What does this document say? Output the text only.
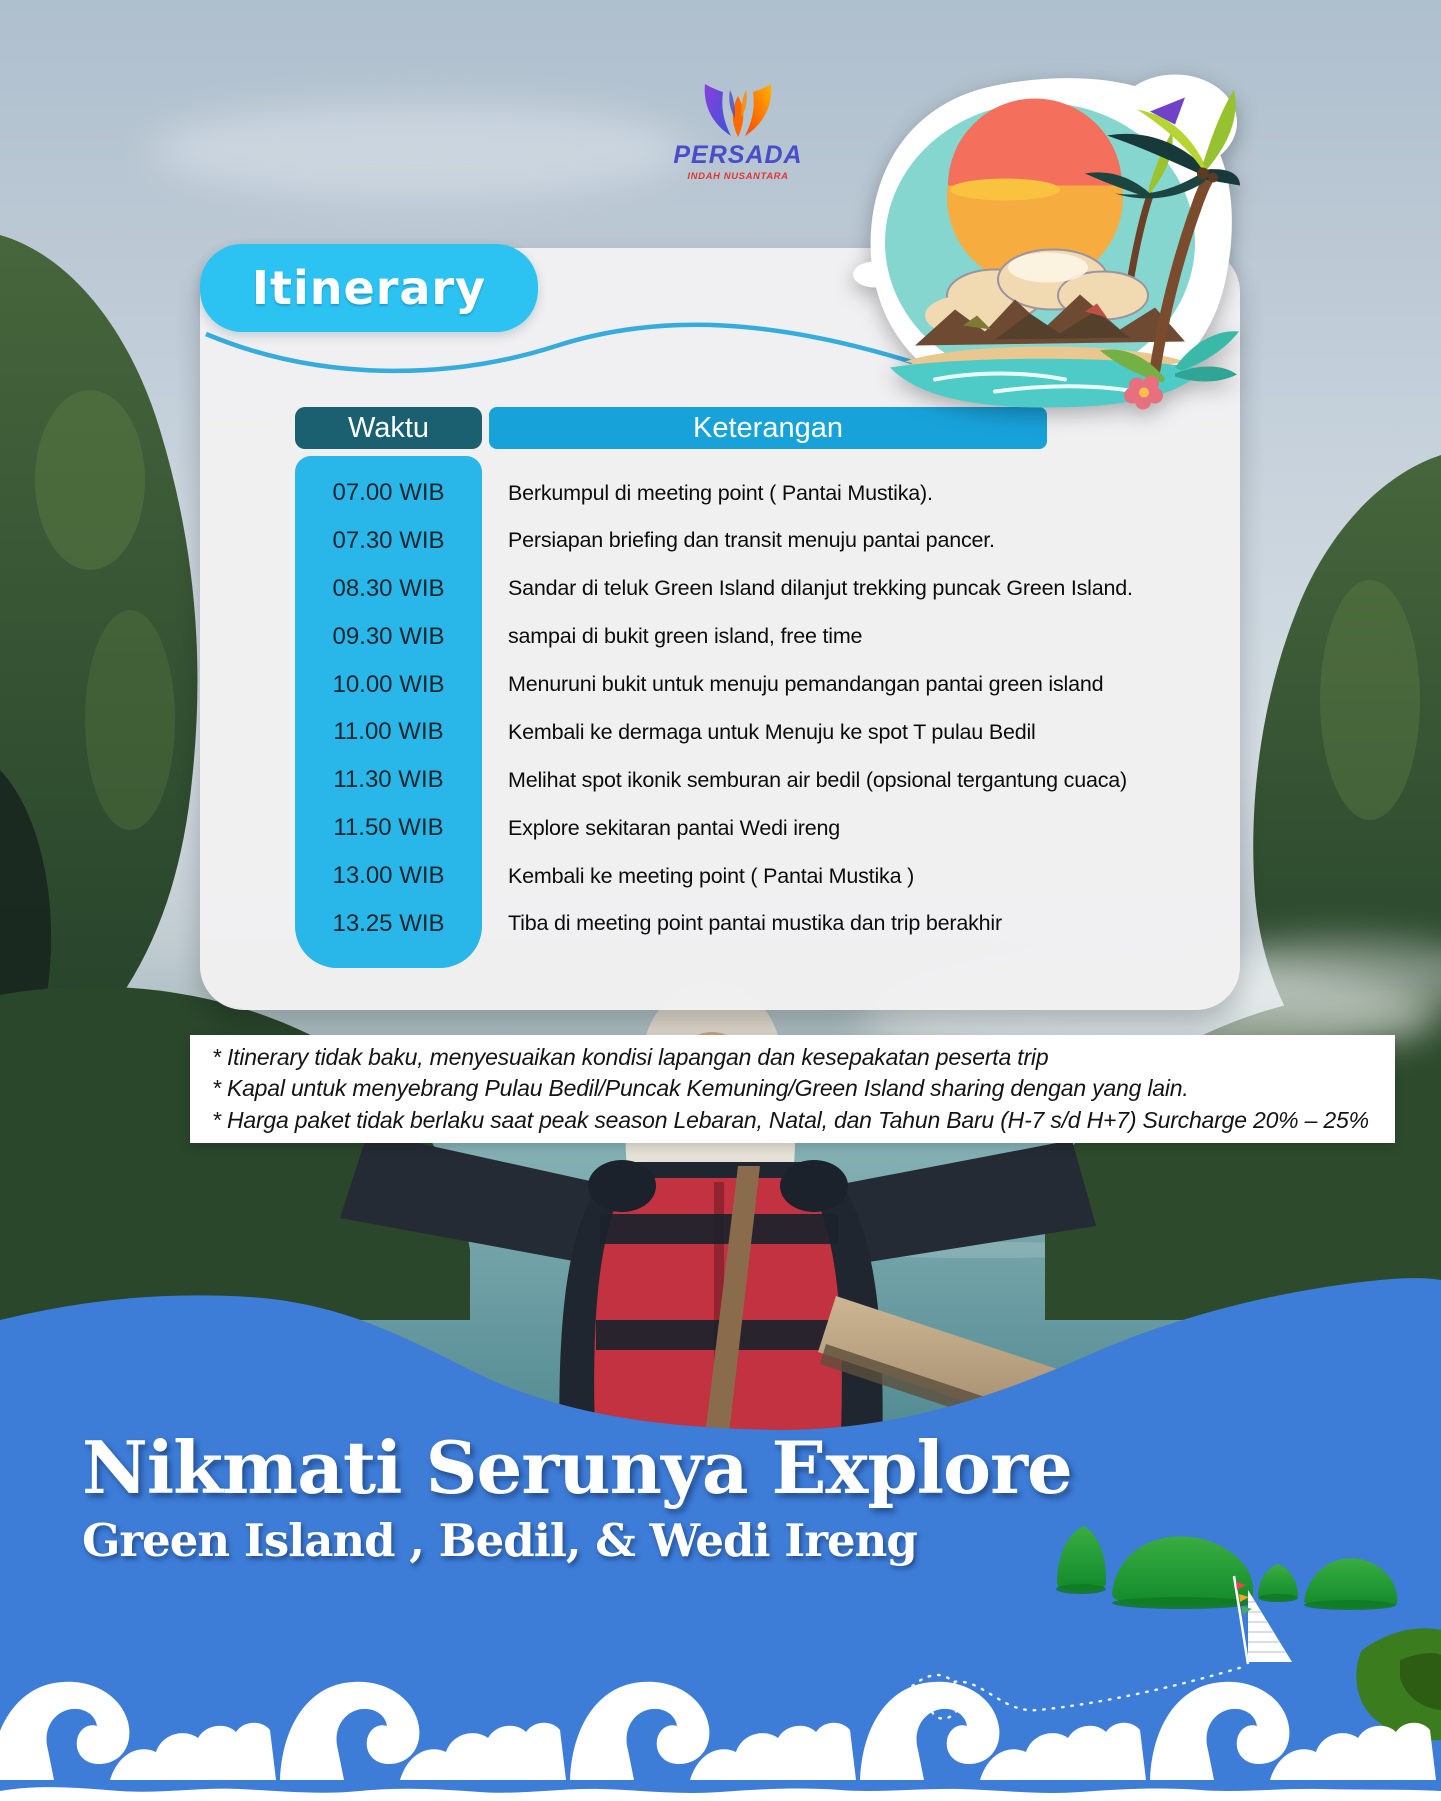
PERSADA
INDAH NUSANTARA
Itinerary
Waktu	Keterangan
07.00 WIB	Berkumpul di meeting point ( Pantai Mustika).
07.30 WIB	Persiapan briefing dan transit menuju pantai pancer.
08.30 WIB	Sandar di teluk Green Island dilanjut trekking puncak Green Island.
09.30 WIB	sampai di bukit green island, free time
10.00 WIB	Menuruni bukit untuk menuju pemandangan pantai green island
11.00 WIB	Kembali ke dermaga untuk Menuju ke spot T pulau Bedil
11.30 WIB	Melihat spot ikonik semburan air bedil (opsional tergantung cuaca)
11.50 WIB	Explore sekitaran pantai Wedi ireng
13.00 WIB	Kembali ke meeting point ( Pantai Mustika )
13.25 WIB	Tiba di meeting point pantai mustika dan trip berakhir
* Itinerary tidak baku, menyesuaikan kondisi lapangan dan kesepakatan peserta trip
* Kapal untuk menyebrang Pulau Bedil/Puncak Kemuning/Green Island sharing dengan yang lain.
* Harga paket tidak berlaku saat peak season Lebaran, Natal, dan Tahun Baru (H-7 s/d H+7) Surcharge 20% – 25%
Nikmati Serunya Explore
Green Island , Bedil, & Wedi Ireng
